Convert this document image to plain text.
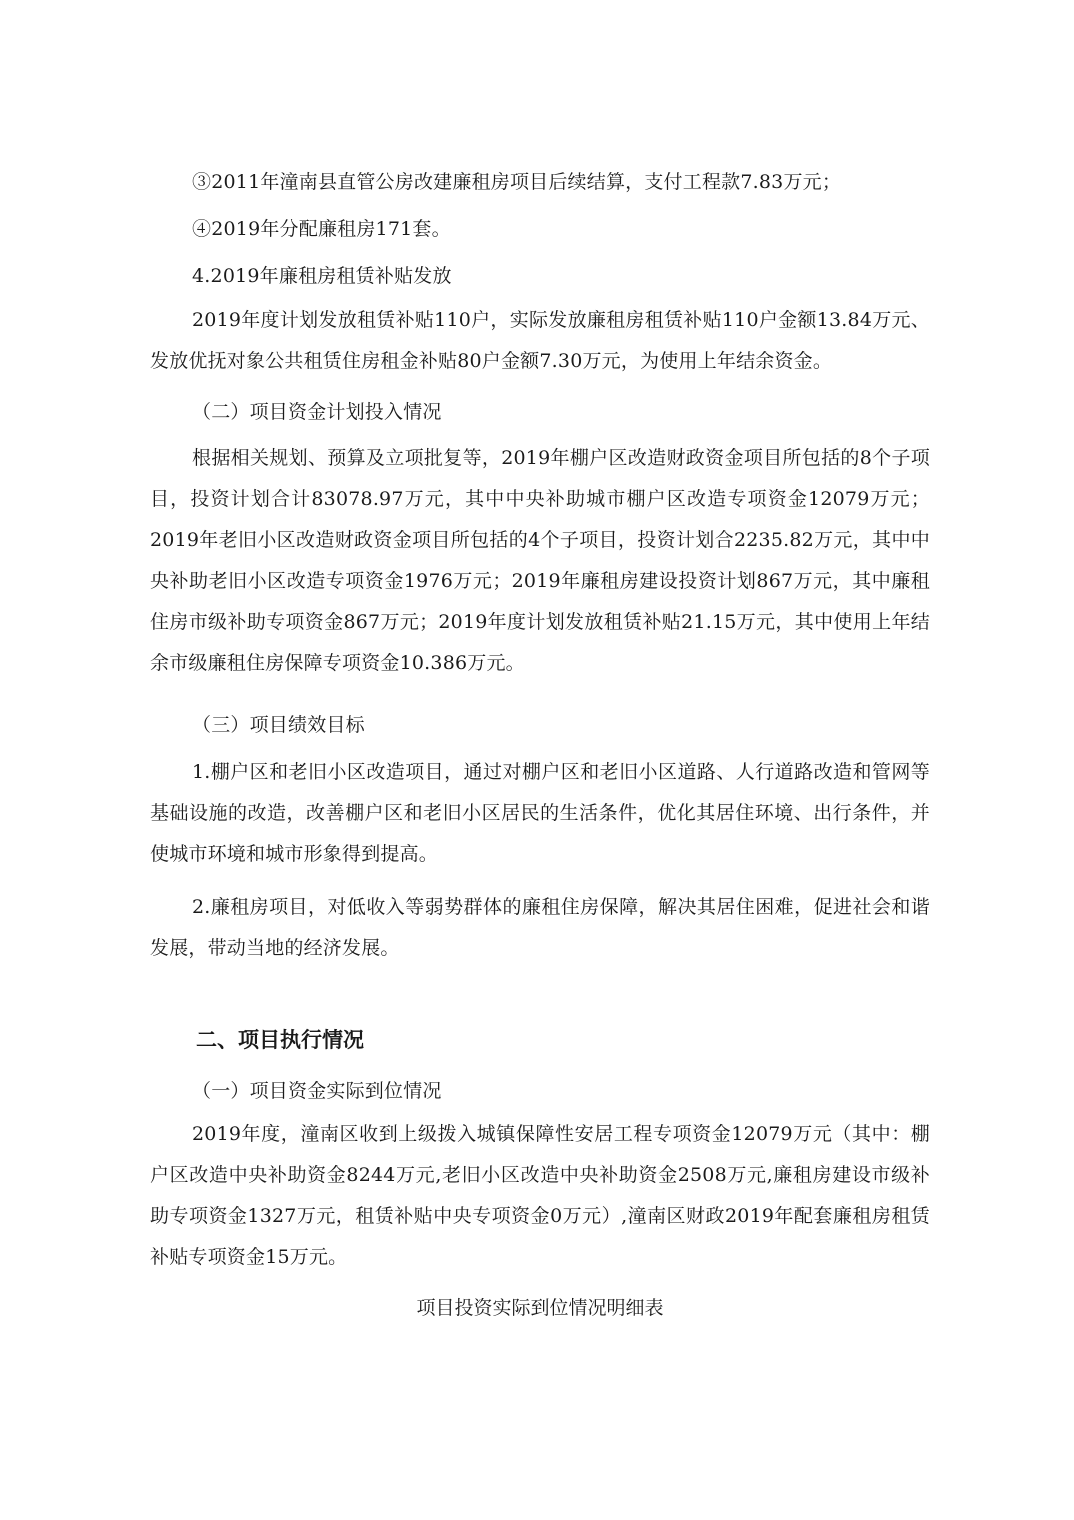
③2011年潼南县直管公房改建廉租房项目后续结算，支付工程款7.83万元；

④2019年分配廉租房171套。

4.2019年廉租房租赁补贴发放

2019年度计划发放租赁补贴110户，实际发放廉租房租赁补贴110户金额13.84万元、发放优抚对象公共租赁住房租金补贴80户金额7.30万元，为使用上年结余资金。

（二）项目资金计划投入情况

根据相关规划、预算及立项批复等，2019年棚户区改造财政资金项目所包括的8个子项目，投资计划合计83078.97万元，其中中央补助城市棚户区改造专项资金12079万元；2019年老旧小区改造财政资金项目所包括的4个子项目，投资计划合2235.82万元，其中中央补助老旧小区改造专项资金1976万元；2019年廉租房建设投资计划867万元，其中廉租住房市级补助专项资金867万元；2019年度计划发放租赁补贴21.15万元，其中使用上年结余市级廉租住房保障专项资金10.386万元。

（三）项目绩效目标

1.棚户区和老旧小区改造项目，通过对棚户区和老旧小区道路、人行道路改造和管网等基础设施的改造，改善棚户区和老旧小区居民的生活条件，优化其居住环境、出行条件，并使城市环境和城市形象得到提高。

2.廉租房项目，对低收入等弱势群体的廉租住房保障，解决其居住困难，促进社会和谐发展，带动当地的经济发展。

二、项目执行情况

（一）项目资金实际到位情况

2019年度，潼南区收到上级拨入城镇保障性安居工程专项资金12079万元（其中：棚户区改造中央补助资金8244万元,老旧小区改造中央补助资金2508万元,廉租房建设市级补助专项资金1327万元，租赁补贴中央专项资金0万元）,潼南区财政2019年配套廉租房租赁补贴专项资金15万元。

项目投资实际到位情况明细表
